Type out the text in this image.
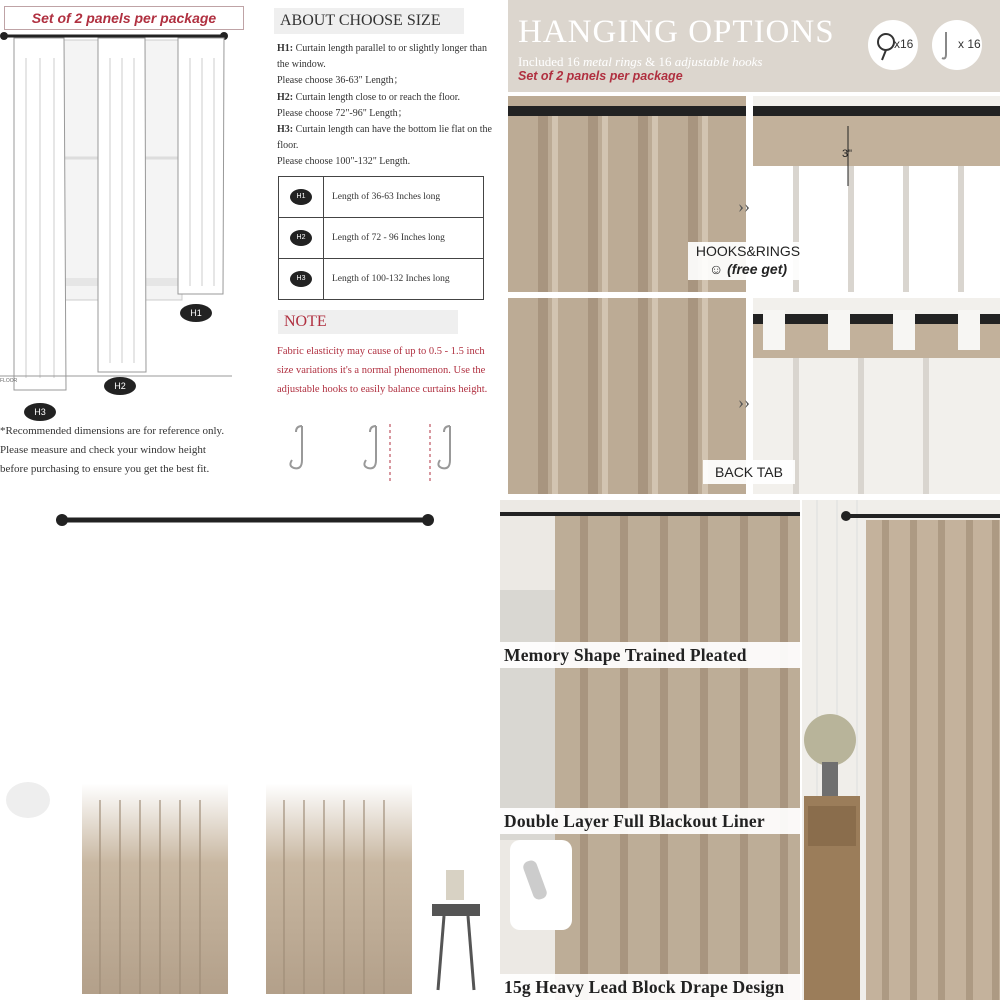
Set of 2 panels per package
FLOOR
H1
H2
H3
*Recommended dimensions are for reference only. Please measure and check your window height before purchasing to ensure you get the best fit.
ABOUT CHOOSE SIZE
H1: Curtain length parallel to or slightly longer than the window.
Please choose 36-63" Length；
H2: Curtain length close to or reach the floor.
Please choose 72"-96" Length；
H3: Curtain length can have the bottom lie flat on the floor.
Please choose 100"-132" Length.
H1	Length of 36-63 Inches long

H2	Length of 72 - 96 Inches long

H3	Length of 100-132 Inches long
NOTE
Fabric elasticity may cause of up to 0.5 - 1.5 inch size variations it's a normal phenomenon. Use the adjustable hooks to easily balance curtains height.
HANGING OPTIONS
Included 16 metal rings & 16 adjustable hooks
Set of 2 panels per package
x16	x 16
3"
››
HOOKS&RINGS
☺ (free get)
››
BACK TAB
Memory Shape Trained Pleated
Double Layer Full Blackout Liner
15g Heavy Lead Block Drape Design
